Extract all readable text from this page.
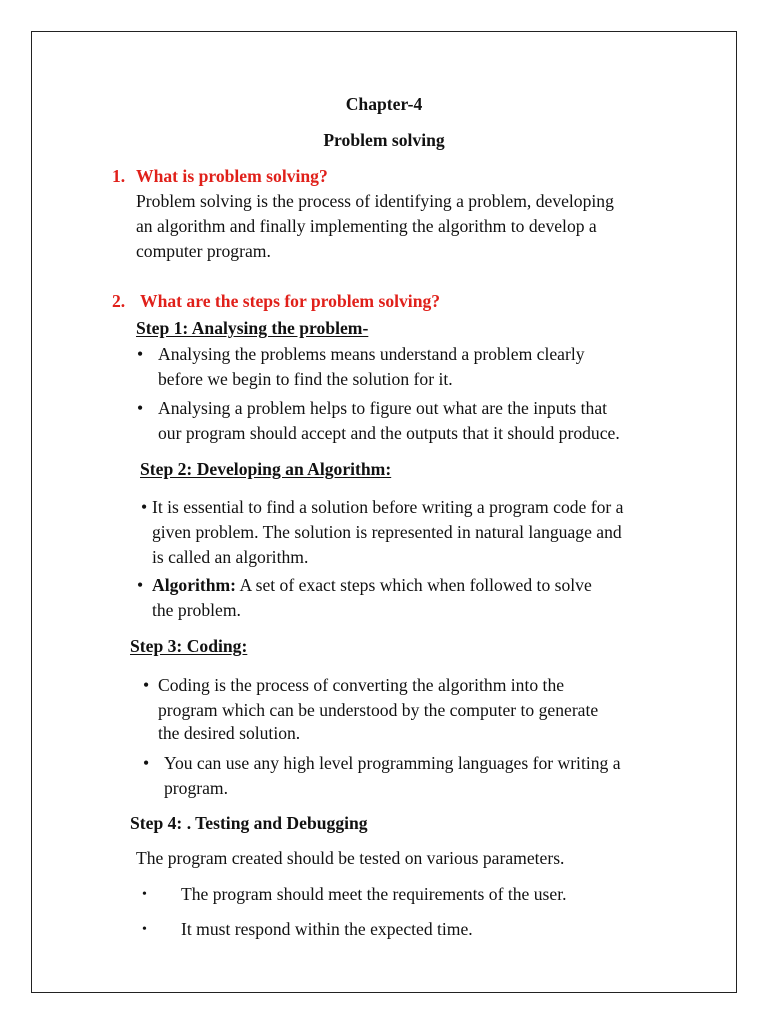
Chapter-4
Problem solving
1. What is problem solving?
Problem solving is the process of identifying a problem, developing
an algorithm and finally implementing the algorithm to develop a
computer program.
2. What are the steps for problem solving?
Step 1: Analysing the problem-
• Analysing the problems means understand a problem clearly
before we begin to find the solution for it.
• Analysing a problem helps to figure out what are the inputs that
our program should accept and the outputs that it should produce.
Step 2: Developing an Algorithm:
• It is essential to find a solution before writing a program code for a
given problem. The solution is represented in natural language and
is called an algorithm.
• Algorithm: A set of exact steps which when followed to solve
the problem.
Step 3: Coding:
• Coding is the process of converting the algorithm into the
program which can be understood by the computer to generate
the desired solution.
• You can use any high level programming languages for writing a
program.
Step 4: . Testing and Debugging
The program created should be tested on various parameters.
• The program should meet the requirements of the user.
• It must respond within the expected time.
